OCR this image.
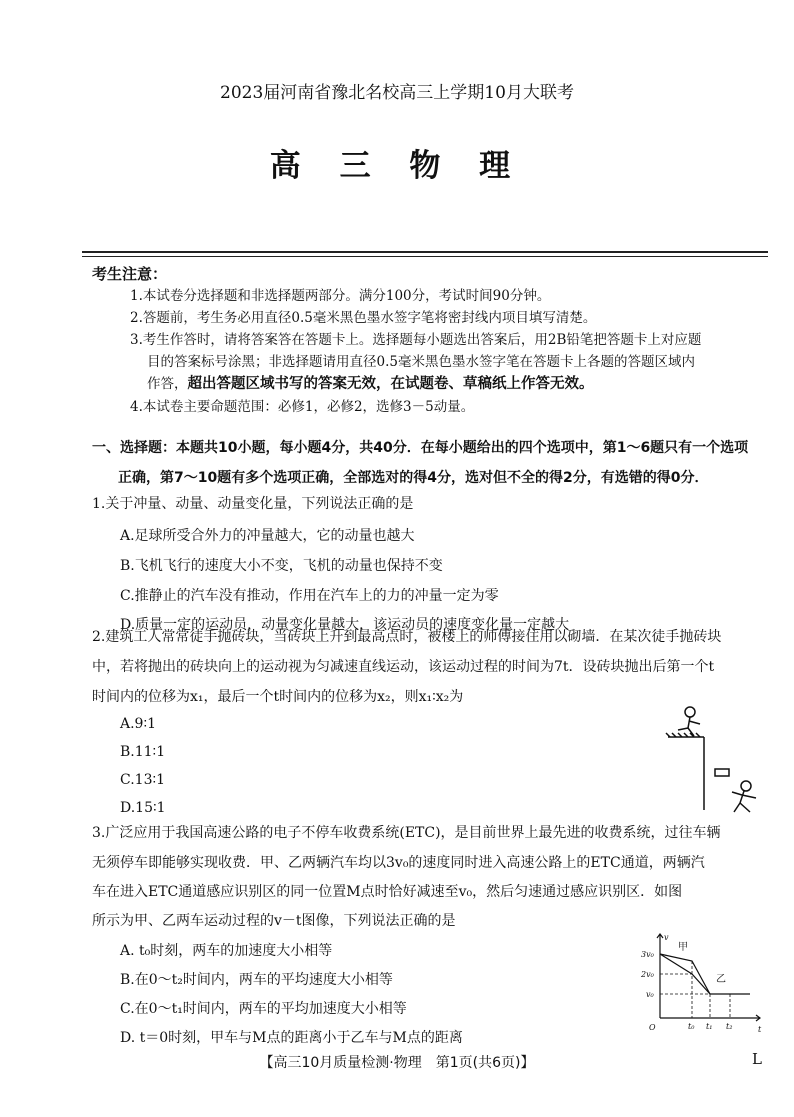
2023届河南省豫北名校高三上学期10月大联考
高 三 物 理
考生注意：
1.本试卷分选择题和非选择题两部分。满分100分，考试时间90分钟。
2.答题前，考生务必用直径0.5毫米黑色墨水签字笔将密封线内项目填写清楚。
3.考生作答时，请将答案答在答题卡上。选择题每小题选出答案后，用2B铅笔把答题卡上对应题
目的答案标号涂黑；非选择题请用直径0.5毫米黑色墨水签字笔在答题卡上各题的答题区域内
作答，超出答题区域书写的答案无效，在试题卷、草稿纸上作答无效。
4.本试卷主要命题范围：必修1，必修2，选修3－5动量。
一、选择题：本题共10小题，每小题4分，共40分．在每小题给出的四个选项中，第1～6题只有一个选项
正确，第7～10题有多个选项正确，全部选对的得4分，选对但不全的得2分，有选错的得0分．
1.关于冲量、动量、动量变化量，下列说法正确的是
A.足球所受合外力的冲量越大，它的动量也越大
B.飞机飞行的速度大小不变，飞机的动量也保持不变
C.推静止的汽车没有推动，作用在汽车上的力的冲量一定为零
D.质量一定的运动员，动量变化量越大，该运动员的速度变化量一定越大
2.建筑工人常常徒手抛砖块，当砖块上升到最高点时，被楼上的师傅接住用以砌墙．在某次徒手抛砖块
中，若将抛出的砖块向上的运动视为匀减速直线运动，该运动过程的时间为7t．设砖块抛出后第一个t
时间内的位移为x₁，最后一个t时间内的位移为x₂，则x₁∶x₂为
A.9∶1
B.11∶1
C.13∶1
D.15∶1
3.广泛应用于我国高速公路的电子不停车收费系统(ETC)，是目前世界上最先进的收费系统，过往车辆
无须停车即能够实现收费．甲、乙两辆汽车均以3v₀的速度同时进入高速公路上的ETC通道，两辆汽
车在进入ETC通道感应识别区的同一位置M点时恰好减速至v₀，然后匀速通过感应识别区．如图
所示为甲、乙两车运动过程的v－t图像，下列说法正确的是
A. t₀时刻，两车的加速度大小相等
B.在0～t₂时间内，两车的平均速度大小相等
C.在0～t₁时间内，两车的平均加速度大小相等
D. t＝0时刻，甲车与M点的距离小于乙车与M点的距离
v
t
O
3v₀
2v₀
v₀
t₀ t₁ t₂
甲
乙
【高三10月质量检测·物理　第1页(共6页)】	L
